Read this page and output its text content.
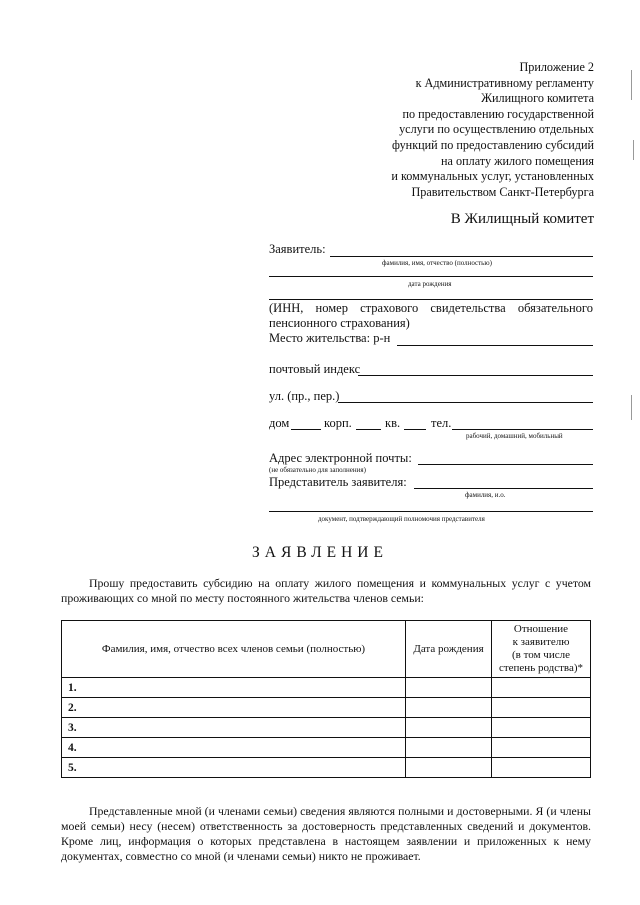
Приложение 2
к Административному регламенту
Жилищного комитета
по предоставлению государственной
услуги по осуществлению отдельных
функций по предоставлению субсидий
на оплату жилого помещения
и коммунальных услуг, установленных
Правительством Санкт-Петербурга
В Жилищный комитет
Заявитель:
фамилия, имя, отчество (полностью)
дата рождения
(ИНН, номер страхового свидетельства обязательного
пенсионного страхования)
Место жительства: р-н
почтовый индекс
ул. (пр., пер.)
дом	корп.	кв. тел.
рабочий, домашний, мобильный
Адрес электронной почты:
(не обязательно для заполнения)
Представитель заявителя:
фамилия, и.о.
документ, подтверждающий полномочия представителя
ЗАЯВЛЕНИЕ
Прошу предоставить субсидию на оплату жилого помещения и коммунальных услуг с учетом проживающих со мной по месту постоянного жительства членов семьи:
Фамилия, имя, отчество всех членов семьи (полностью)	Дата рождения	Отношение
к заявителю
(в том числе
степень родства)*

1.		
2.		
3.		
4.		
5.		
Представленные мной (и членами семьи) сведения являются полными и достоверными. Я (и члены моей семьи) несу (несем) ответственность за достоверность представленных сведений и документов. Кроме лиц, информация о которых представлена в настоящем заявлении и приложенных к нему документах, совместно со мной (и членами семьи) никто не проживает.
